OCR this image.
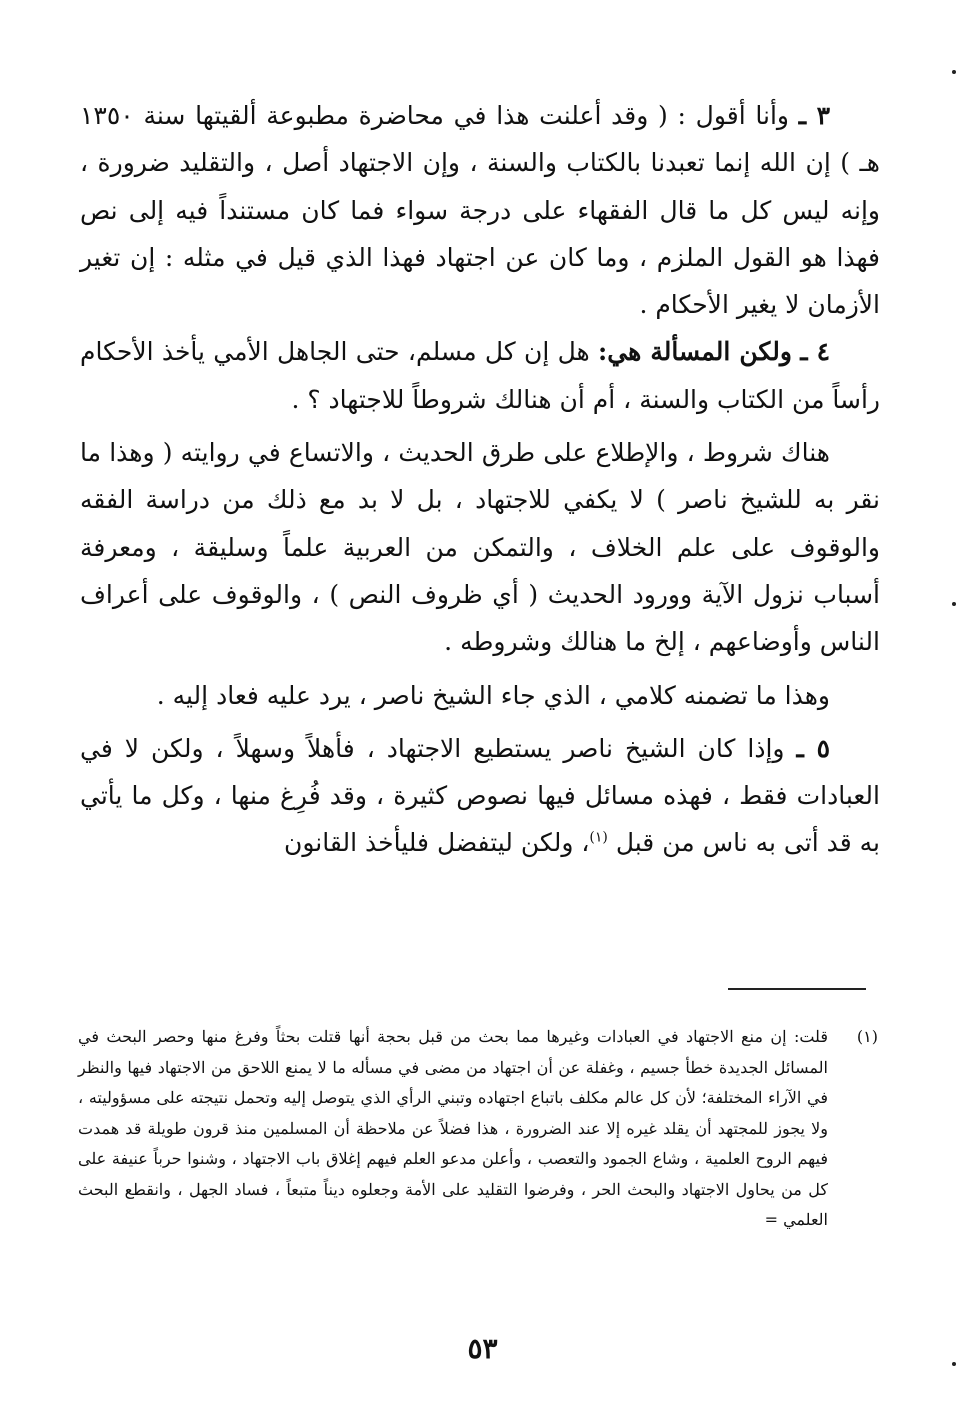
٣ ـ وأنا أقول : ( وقد أعلنت هذا في محاضرة مطبوعة ألقيتها سنة ١٣٥٠ هـ ) إن الله إنما تعبدنا بالكتاب والسنة ، وإن الاجتهاد أصل ، والتقليد ضرورة ، وإنه ليس كل ما قال الفقهاء على درجة سواء فما كان مستنداً فيه إلى نص فهذا هو القول الملزم ، وما كان عن اجتهاد فهذا الذي قيل في مثله : إن تغير الأزمان لا يغير الأحكام .

٤ ـ ولكن المسألة هي: هل إن كل مسلم، حتى الجاهل الأمي يأخذ الأحكام رأساً من الكتاب والسنة ، أم أن هنالك شروطاً للاجتهاد ؟ .

هناك شروط ، والإطلاع على طرق الحديث ، والاتساع في روايته ( وهذا ما نقر به للشيخ ناصر ) لا يكفي للاجتهاد ، بل لا بد مع ذلك من دراسة الفقه والوقوف على علم الخلاف ، والتمكن من العربية علماً وسليقة ، ومعرفة أسباب نزول الآية وورود الحديث ( أي ظروف النص ) ، والوقوف على أعراف الناس وأوضاعهم ، إلخ ما هنالك وشروطه .

وهذا ما تضمنه كلامي ، الذي جاء الشيخ ناصر ، يرد عليه فعاد إليه .

٥ ـ وإذا كان الشيخ ناصر يستطيع الاجتهاد ، فأهلاً وسهلاً ، ولكن لا في العبادات فقط ، فهذه مسائل فيها نصوص كثيرة ، وقد فُرِغ منها ، وكل ما يأتي به قد أتى به ناس من قبل $^{(١)}$، ولكن ليتفضل فليأخذ القانون

(١)

قلت: إن منع الاجتهاد في العبادات وغيرها مما بحث من قبل بحجة أنها قتلت بحثاً وفرغ منها وحصر البحث في المسائل الجديدة خطأ جسيم ، وغفلة عن أن اجتهاد من مضى في مسأله ما لا يمنع اللاحق من الاجتهاد فيها والنظر في الآراء المختلفة؛ لأن كل عالم مكلف باتباع اجتهاده وتبني الرأي الذي يتوصل إليه وتحمل نتيجته على مسؤوليته ، ولا يجوز للمجتهد أن يقلد غيره إلا عند الضرورة ، هذا فضلاً عن ملاحظة أن المسلمين منذ قرون طويلة قد همدت فيهم الروح العلمية ، وشاع الجمود والتعصب ، وأعلن مدعو العلم فيهم إغلاق باب الاجتهاد ، وشنوا حرباً عنيفة على كل من يحاول الاجتهاد والبحث الحر ، وفرضوا التقليد على الأمة وجعلوه ديناً متبعاً ، فساد الجهل ، وانقطع البحث العلمي =

٥٣
